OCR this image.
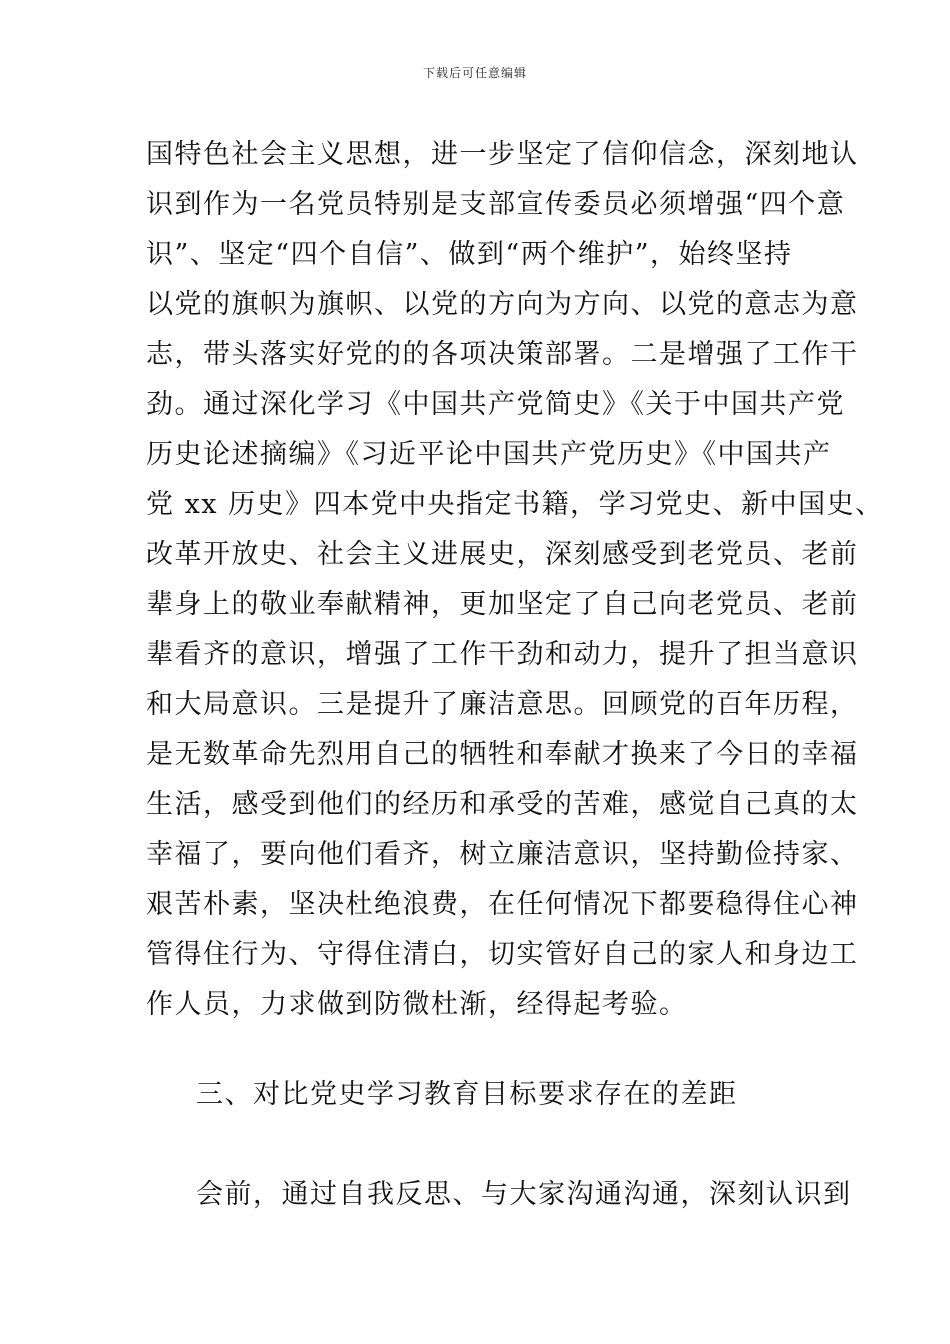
下载后可任意编辑
国特色社会主义思想，进一步坚定了信仰信念，深刻地认
识到作为一名党员特别是支部宣传委员必须增强“四个意
识”、坚定“四个自信”、做到“两个维护”，始终坚持
以党的旗帜为旗帜、以党的方向为方向、以党的意志为意
志，带头落实好党的的各项决策部署。二是增强了工作干
劲。通过深化学习《中国共产党简史》《关于中国共产党
历史论述摘编》《习近平论中国共产党历史》《中国共产
党 xx 历史》四本党中央指定书籍，学习党史、新中国史、
改革开放史、社会主义进展史，深刻感受到老党员、老前
辈身上的敬业奉献精神，更加坚定了自己向老党员、老前
辈看齐的意识，增强了工作干劲和动力，提升了担当意识
和大局意识。三是提升了廉洁意思。回顾党的百年历程，
是无数革命先烈用自己的牺牲和奉献才换来了今日的幸福
生活，感受到他们的经历和承受的苦难，感觉自己真的太
幸福了，要向他们看齐，树立廉洁意识，坚持勤俭持家、
艰苦朴素，坚决杜绝浪费，在任何情况下都要稳得住心神
管得住行为、守得住清白，切实管好自己的家人和身边工
作人员，力求做到防微杜渐，经得起考验。
三、对比党史学习教育目标要求存在的差距
会前，通过自我反思、与大家沟通沟通，深刻认识到
